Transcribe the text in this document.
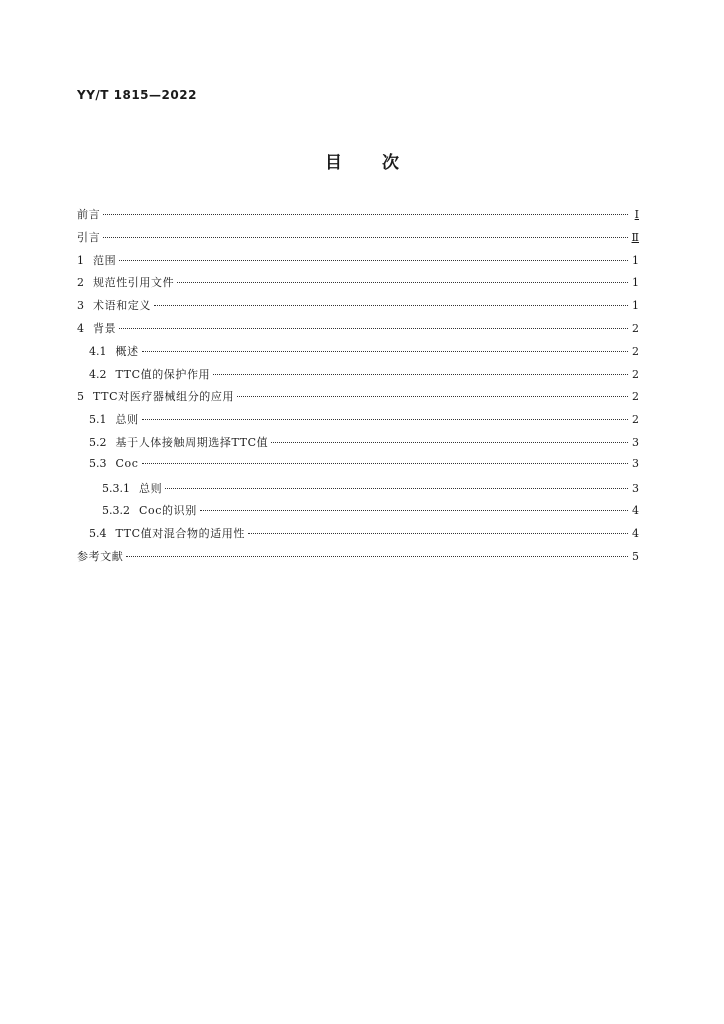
YY/T 1815—2022
目次
前言	Ⅰ
引言	Ⅱ
1 范围	1
2 规范性引用文件	1
3 术语和定义	1
4 背景	2
4.1 概述	2
4.2 TTC值的保护作用	2
5 TTC对医疗器械组分的应用	2
5.1 总则	2
5.2 基于人体接触周期选择TTC值	3
5.3 Coc	3
5.3.1 总则	3
5.3.2 Coc的识别	4
5.4 TTC值对混合物的适用性	4
参考文献	5
